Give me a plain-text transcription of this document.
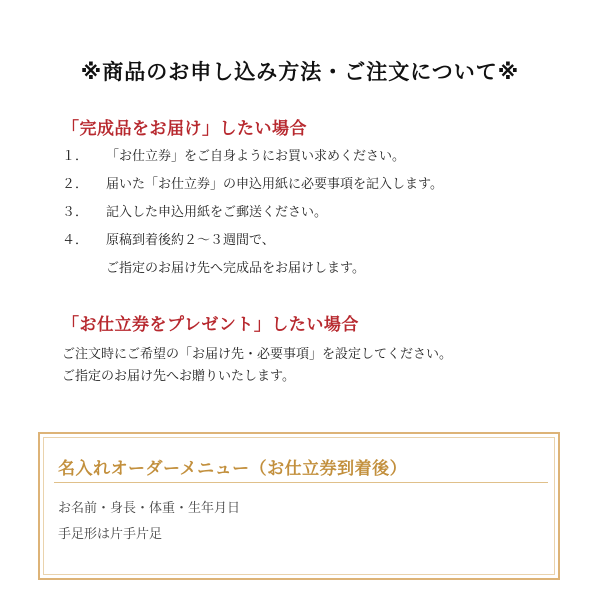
※商品のお申し込み方法・ご注文について※
「完成品をお届け」したい場合
１．	「お仕立券」をご自身ようにお買い求めください。
２．	届いた「お仕立券」の申込用紙に必要事項を記入します。
３．	記入した申込用紙をご郵送ください。
４．	原稿到着後約２～３週間で、
ご指定のお届け先へ完成品をお届けします。
「お仕立券をプレゼント」したい場合

ご注文時にご希望の「お届け先・必要事項」を設定してください。

ご指定のお届け先へお贈りいたします。

名入れオーダーメニュー（お仕立券到着後）
お名前・身長・体重・生年月日
手足形は片手片足
